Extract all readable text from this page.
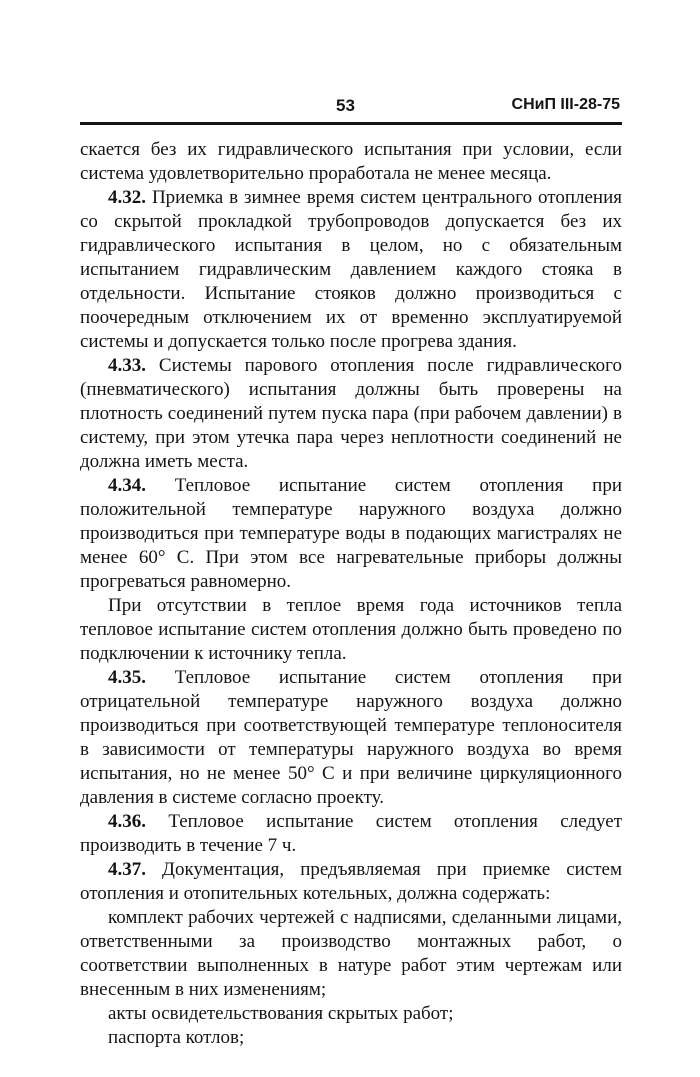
53	СНиП III-28-75

скается без их гидравлического испытания при условии, если система удовлетворительно проработала не менее месяца.

4.32. Приемка в зимнее время систем центрального отопления со скрытой прокладкой трубопроводов допускается без их гидравлического испытания в целом, но с обязательным испытанием гидравлическим давлением каждого стояка в отдельности. Испытание стояков должно производиться с поочередным отключением их от временно эксплуатируемой системы и допускается только после прогрева здания.

4.33. Системы парового отопления после гидравлического (пневматического) испытания должны быть проверены на плотность соединений путем пуска пара (при рабочем давлении) в систему, при этом утечка пара через неплотности соединений не должна иметь места.

4.34. Тепловое испытание систем отопления при положительной температуре наружного воздуха должно производиться при температуре воды в подающих магистралях не менее 60° С. При этом все нагревательные приборы должны прогреваться равномерно.

При отсутствии в теплое время года источников тепла тепловое испытание систем отопления должно быть проведено по подключении к источнику тепла.

4.35. Тепловое испытание систем отопления при отрицательной температуре наружного воздуха должно производиться при соответствующей температуре теплоносителя в зависимости от температуры наружного воздуха во время испытания, но не менее 50° С и при величине циркуляционного давления в системе согласно проекту.

4.36. Тепловое испытание систем отопления следует производить в течение 7 ч.

4.37. Документация, предъявляемая при приемке систем отопления и отопительных котельных, должна содержать:

комплект рабочих чертежей с надписями, сделанными лицами, ответственными за производство монтажных работ, о соответствии выполненных в натуре работ этим чертежам или внесенным в них изменениям;

акты освидетельствования скрытых работ;

паспорта котлов;
